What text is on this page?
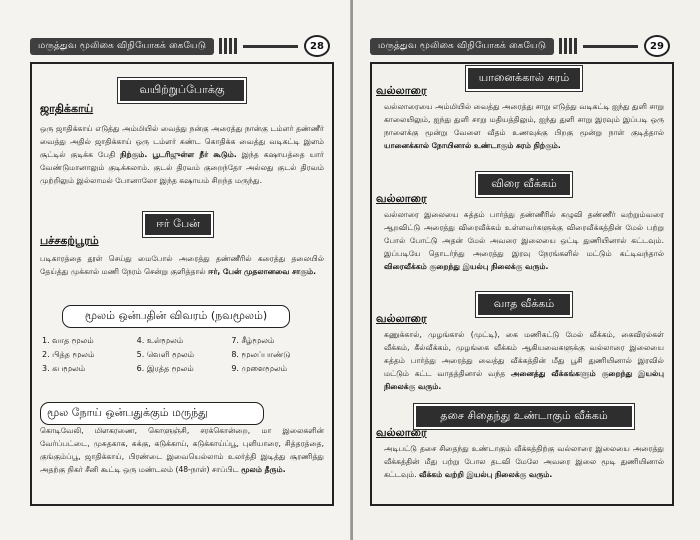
மருத்துவ மூலிகை விநியோகக் கையேடு	28
வயிற்றுப்போக்கு
ஜாதிக்காய்
ஒரு ஜாதிக்காய் எடுத்து அம்மியில் வைத்து நன்கு அரைத்து நான்கு டம்ளர் தண்ணீர் வைத்து அதில் ஜாதிக்காய் ஒரு டம்ளர் சுண்ட கொதிக்க வைத்து வடிகட்டி இளம் சூட்டில் குடிக்க பேதி நிற்கும். பூடரிஜுள்ள நீர் கூடும். இந்த கஷாயத்தை யார் வேண்டுமானாலும் குடிக்கலாம். குடல் திரவம் குறைந்தோ அல்லது குடல் திரவம் முற்றிலும் இல்லாமல் போனாலோ இந்த கஷாயம் சிறந்த மருந்து.
ஈர் பேன்
பச்சகற்பூரம்
படிகாரத்தை தூள் செய்து மைபோல் அரைத்து தண்ணீரில் கரைத்து தலையில் தேய்த்து முக்கால் மணி நேரம் சென்று குளித்தால் ஈர், பேன் முதலானவை சாகும்.
மூலம் ஒன்பதின் விவரம் (நவமூலம்)
1. வாத மூலம்	4. உள்மூலம்	7. சீழ்மூலம்
2. பித்த மூலம்	5. வெளி மூலம்	8. மூலப்பாண்டு
3. கபமூலம்	6. இரத்த மூலம்	9. முளைமூலம்
மூல நோய் ஒன்பதுக்கும் மருந்து
கொடிவேலி, மிளகரணை, கொளுஞ்சி, சரக்கொன்றை, மா இலைகளின் வேர்ப்பட்டை, முசுதகாக, சுக்கு, கடுக்காய், கடுக்காய்ப்பூ, புளியாரை, சித்தரத்தை, குங்கும்ப்பூ, ஜாதிக்காய், பிரண்டை இவையெல்லாம் உலர்த்தி இடித்து சூரணித்து அதற்கு நிகர் சீனி கூட்டி ஒரு மண்டலம் (48-நாள்) சாப்பிட மூலம் தீரும்.
மருத்துவ மூலிகை விநியோகக் கையேடு	29
யானைக்கால் சுரம்
வல்லாரை
வல்லாரையை அம்மியில் வைத்து அரைத்து சாறு எடுத்து வடிகட்டி ஐந்து துளி சாறு காலையிலும், ஐந்து துளி சாறு மதியத்திலும், ஐந்து துளி சாறு இரவும் இப்படி ஒரு நாளைக்கு மூன்று வேளை வீதம் உணவுக்கு பிறகு மூன்று நாள் குடித்தால் யானைக்கால் நோயினால் உண்டாகும் சுரம் நிற்கும்.
விரை வீக்கம்
வல்லாரை
வல்லாரை இலையை சுத்தம் பார்த்து தண்ணீரில் கழுவி தண்ணீர் வற்றும்வரை ஆறவிட்டு அரைத்து விரைவீக்கம் உள்ளவர்களுக்கு விரைவீக்கத்தின் மேல் பற்று போல் போட்டு அதன் மேல் அவரை இலையை ஒட்டி துணியினால் கட்டவும். இப்படியே தொடர்ந்து அரைத்து இரவு நேரங்களில் மட்டும் கட்டிவந்தால் விரைவீக்கம் குறைந்து இயல்பு நிலைக்கு வரும்.
வாத வீக்கம்
வல்லாரை
கணுக்கால், முழங்கால் (முட்டி), கை மணிகட்டு மேல் வீக்கம், கைவிரல்கள் வீக்கம், கீல்வீக்கம், முழங்கை வீக்கம் ஆகியவைகளுக்கு வல்லாரை இலையை சுத்தம் பார்த்து அரைத்து வைத்து வீக்கத்தின் மீது பூசி துணியினால் இரவில் மட்டும் கட்ட வாதத்தினால் வந்த அனைத்து வீக்கங்களும் குறைந்து இயல்பு நிலைக்கு வரும்.
தசை சிதைந்து உண்டாகும் வீக்கம்
வல்லாரை
அடிபட்டு தசை சிதைந்து உண்டாகும் வீக்கத்திற்கு வல்லாரை இலையை அரைத்து வீக்கத்தின் மீது பற்று போல தடவி மேலே அவரை இலை மூடி துணியினால் கட்டவும். வீக்கம் வற்றி இயல்பு நிலைக்கு வரும்.
